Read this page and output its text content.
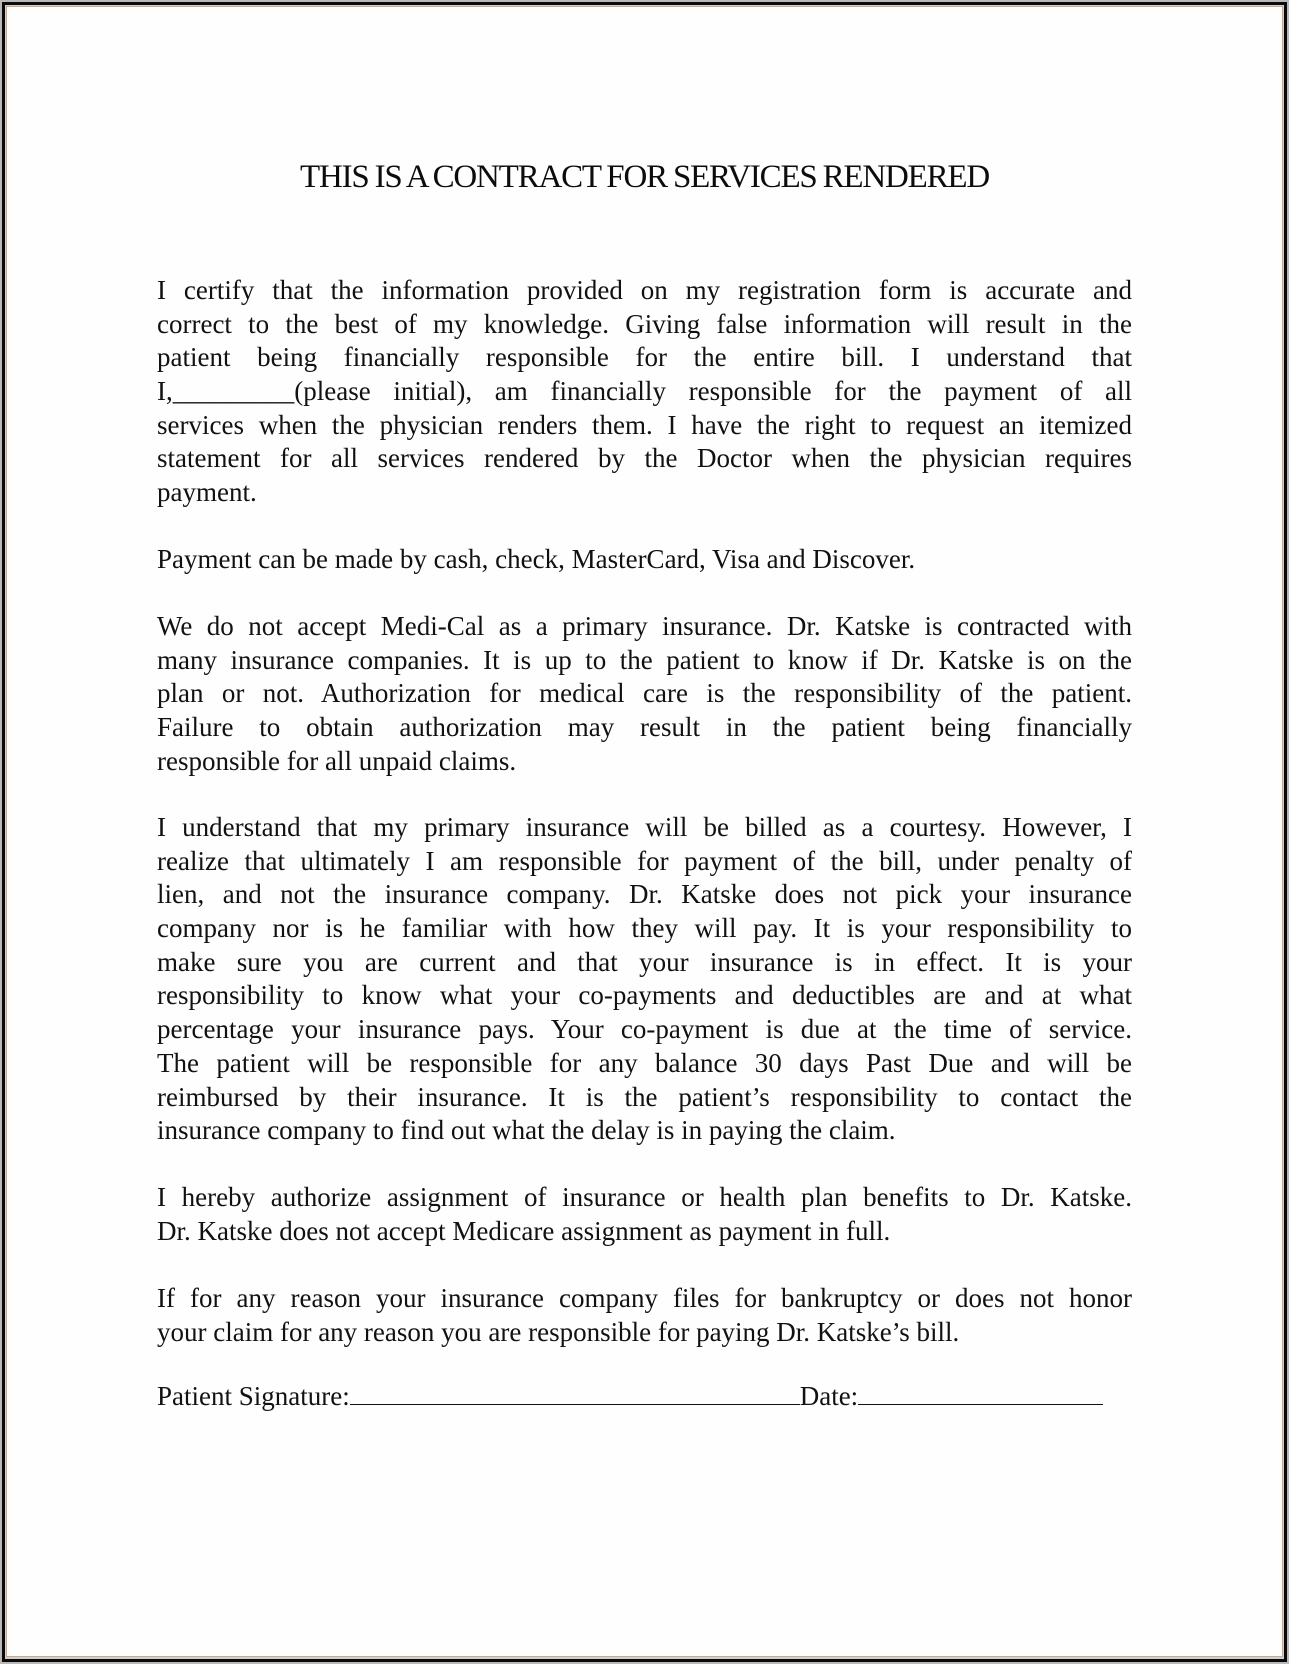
THIS IS A CONTRACT FOR SERVICES RENDERED
I certify that the information provided on my registration form is accurate and
correct to the best of my knowledge. Giving false information will result in the
patient being financially responsible for the entire bill. I understand that
I,_________(please initial), am financially responsible for the payment of all
services when the physician renders them. I have the right to request an itemized
statement for all services rendered by the Doctor when the physician requires
payment.
Payment can be made by cash, check, MasterCard, Visa and Discover.
We do not accept Medi-Cal as a primary insurance. Dr. Katske is contracted with
many insurance companies. It is up to the patient to know if Dr. Katske is on the
plan or not. Authorization for medical care is the responsibility of the patient.
Failure to obtain authorization may result in the patient being financially
responsible for all unpaid claims.
I understand that my primary insurance will be billed as a courtesy. However, I
realize that ultimately I am responsible for payment of the bill, under penalty of
lien, and not the insurance company. Dr. Katske does not pick your insurance
company nor is he familiar with how they will pay. It is your responsibility to
make sure you are current and that your insurance is in effect. It is your
responsibility to know what your co-payments and deductibles are and at what
percentage your insurance pays. Your co-payment is due at the time of service.
The patient will be responsible for any balance 30 days Past Due and will be
reimbursed by their insurance. It is the patient’s responsibility to contact the
insurance company to find out what the delay is in paying the claim.
I hereby authorize assignment of insurance or health plan benefits to Dr. Katske.
Dr. Katske does not accept Medicare assignment as payment in full.
If for any reason your insurance company files for bankruptcy or does not honor
your claim for any reason you are responsible for paying Dr. Katske’s bill.
Patient Signature:	Date:
